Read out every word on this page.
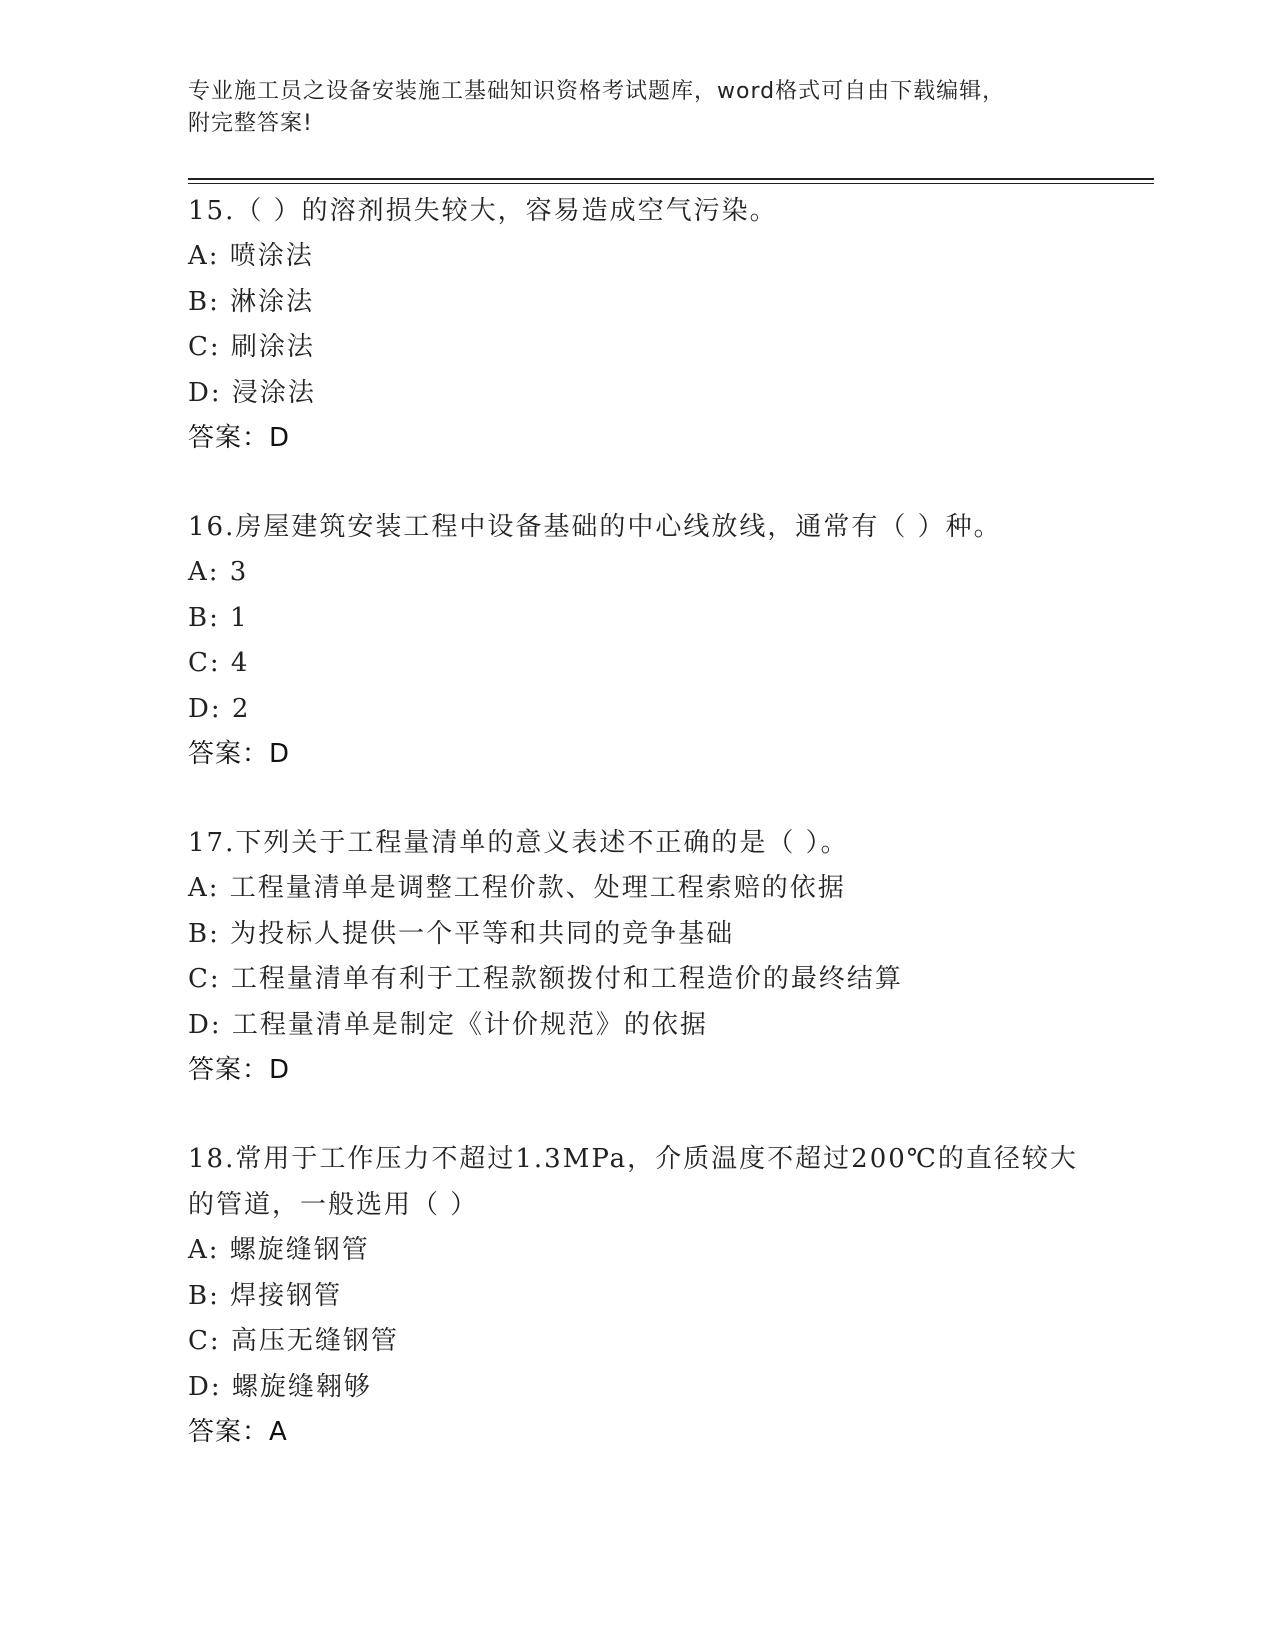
专业施工员之设备安装施工基础知识资格考试题库，word格式可自由下载编辑，
附完整答案!

15.（ ）的溶剂损失较大，容易造成空气污染。

A: 喷涂法

B: 淋涂法

C: 刷涂法

D: 浸涂法

答案：D

16.房屋建筑安装工程中设备基础的中心线放线，通常有（ ）种。

A: 3

B: 1

C: 4

D: 2

答案：D

17.下列关于工程量清单的意义表述不正确的是（ ）。

A: 工程量清单是调整工程价款、处理工程索赔的依据

B: 为投标人提供一个平等和共同的竞争基础

C: 工程量清单有利于工程款额拨付和工程造价的最终结算

D: 工程量清单是制定《计价规范》的依据

答案：D

18.常用于工作压力不超过1.3MPa，介质温度不超过200℃的直径较大

的管道，一般选用（ ）

A: 螺旋缝钢管

B: 焊接钢管

C: 高压无缝钢管

D: 螺旋缝翱够

答案：A
